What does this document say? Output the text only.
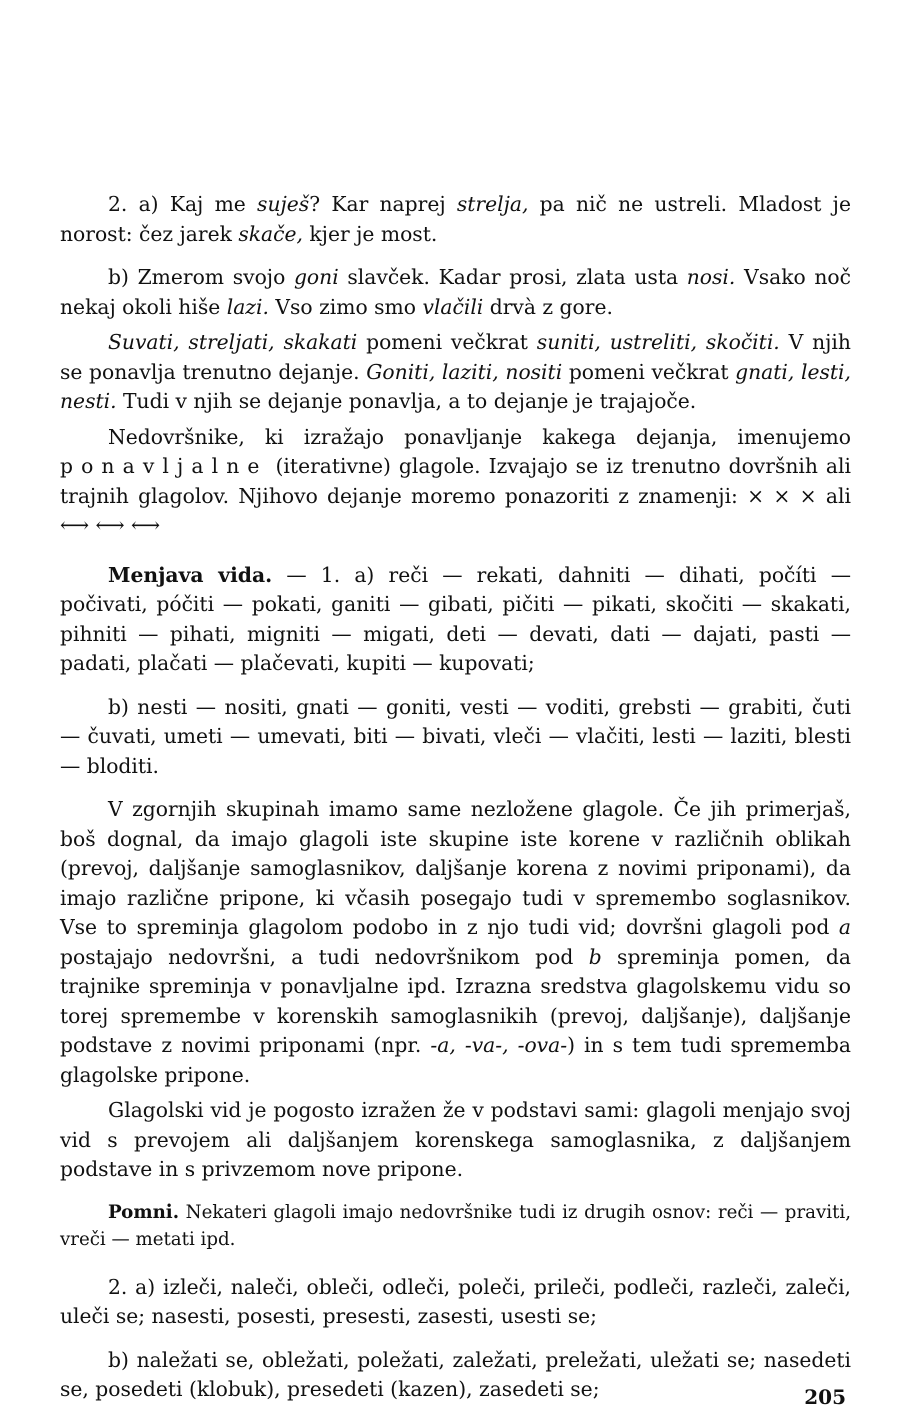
2. a) Kaj me suješ? Kar naprej strelja, pa nič ne ustreli. Mladost je norost: čez jarek skače, kjer je most.

b) Zmerom svojo goni slavček. Kadar prosi, zlata usta nosi. Vsako noč nekaj okoli hiše lazi. Vso zimo smo vlačili drvà z gore.

Suvati, streljati, skakati pomeni večkrat suniti, ustreliti, skočiti. V njih se ponavlja trenutno dejanje. Goniti, laziti, nositi pomeni večkrat gnati, lesti, nesti. Tudi v njih se dejanje ponavlja, a to dejanje je trajajoče.

Nedovršnike, ki izražajo ponavljanje kakega dejanja, imenujemo ponavljalne (iterativne) glagole. Izvajajo se iz trenutno dovršnih ali trajnih glagolov. Njihovo dejanje moremo ponazoriti z znamenji: × × × ali ⟷ ⟷ ⟷

Menjava vida. — 1. a) reči — rekati, dahniti — dihati, počíti — počivati, póčiti — pokati, ganiti — gibati, pičiti — pikati, skočiti — skakati, pihniti — pihati, migniti — migati, deti — devati, dati — dajati, pasti — padati, plačati — plačevati, kupiti — kupovati;

b) nesti — nositi, gnati — goniti, vesti — voditi, grebsti — grabiti, čuti — čuvati, umeti — umevati, biti — bivati, vleči — vlačiti, lesti — laziti, blesti — bloditi.

V zgornjih skupinah imamo same nezložene glagole. Če jih primerjaš, boš dognal, da imajo glagoli iste skupine iste korene v različnih oblikah (prevoj, daljšanje samoglasnikov, daljšanje korena z novimi priponami), da imajo različne pripone, ki včasih posegajo tudi v spremembo soglasnikov. Vse to spreminja glagolom podobo in z njo tudi vid; dovršni glagoli pod a postajajo nedovršni, a tudi nedovršnikom pod b spreminja pomen, da trajnike spreminja v ponavljalne ipd. Izrazna sredstva glagolskemu vidu so torej spremembe v korenskih samoglasnikih (prevoj, daljšanje), daljšanje podstave z novimi priponami (npr. -a, -va-, -ova-) in s tem tudi sprememba glagolske pripone.

Glagolski vid je pogosto izražen že v podstavi sami: glagoli menjajo svoj vid s prevojem ali daljšanjem korenskega samoglasnika, z daljšanjem podstave in s privzemom nove pripone.

Pomni. Nekateri glagoli imajo nedovršnike tudi iz drugih osnov: reči — praviti, vreči — metati ipd.

2. a) izleči, naleči, obleči, odleči, poleči, prileči, podleči, razleči, zaleči, uleči se; nasesti, posesti, presesti, zasesti, usesti se;

b) naležati se, obležati, poležati, zaležati, preležati, uležati se; nasedeti se, posedeti (klobuk), presedeti (kazen), zasedeti se;	205
